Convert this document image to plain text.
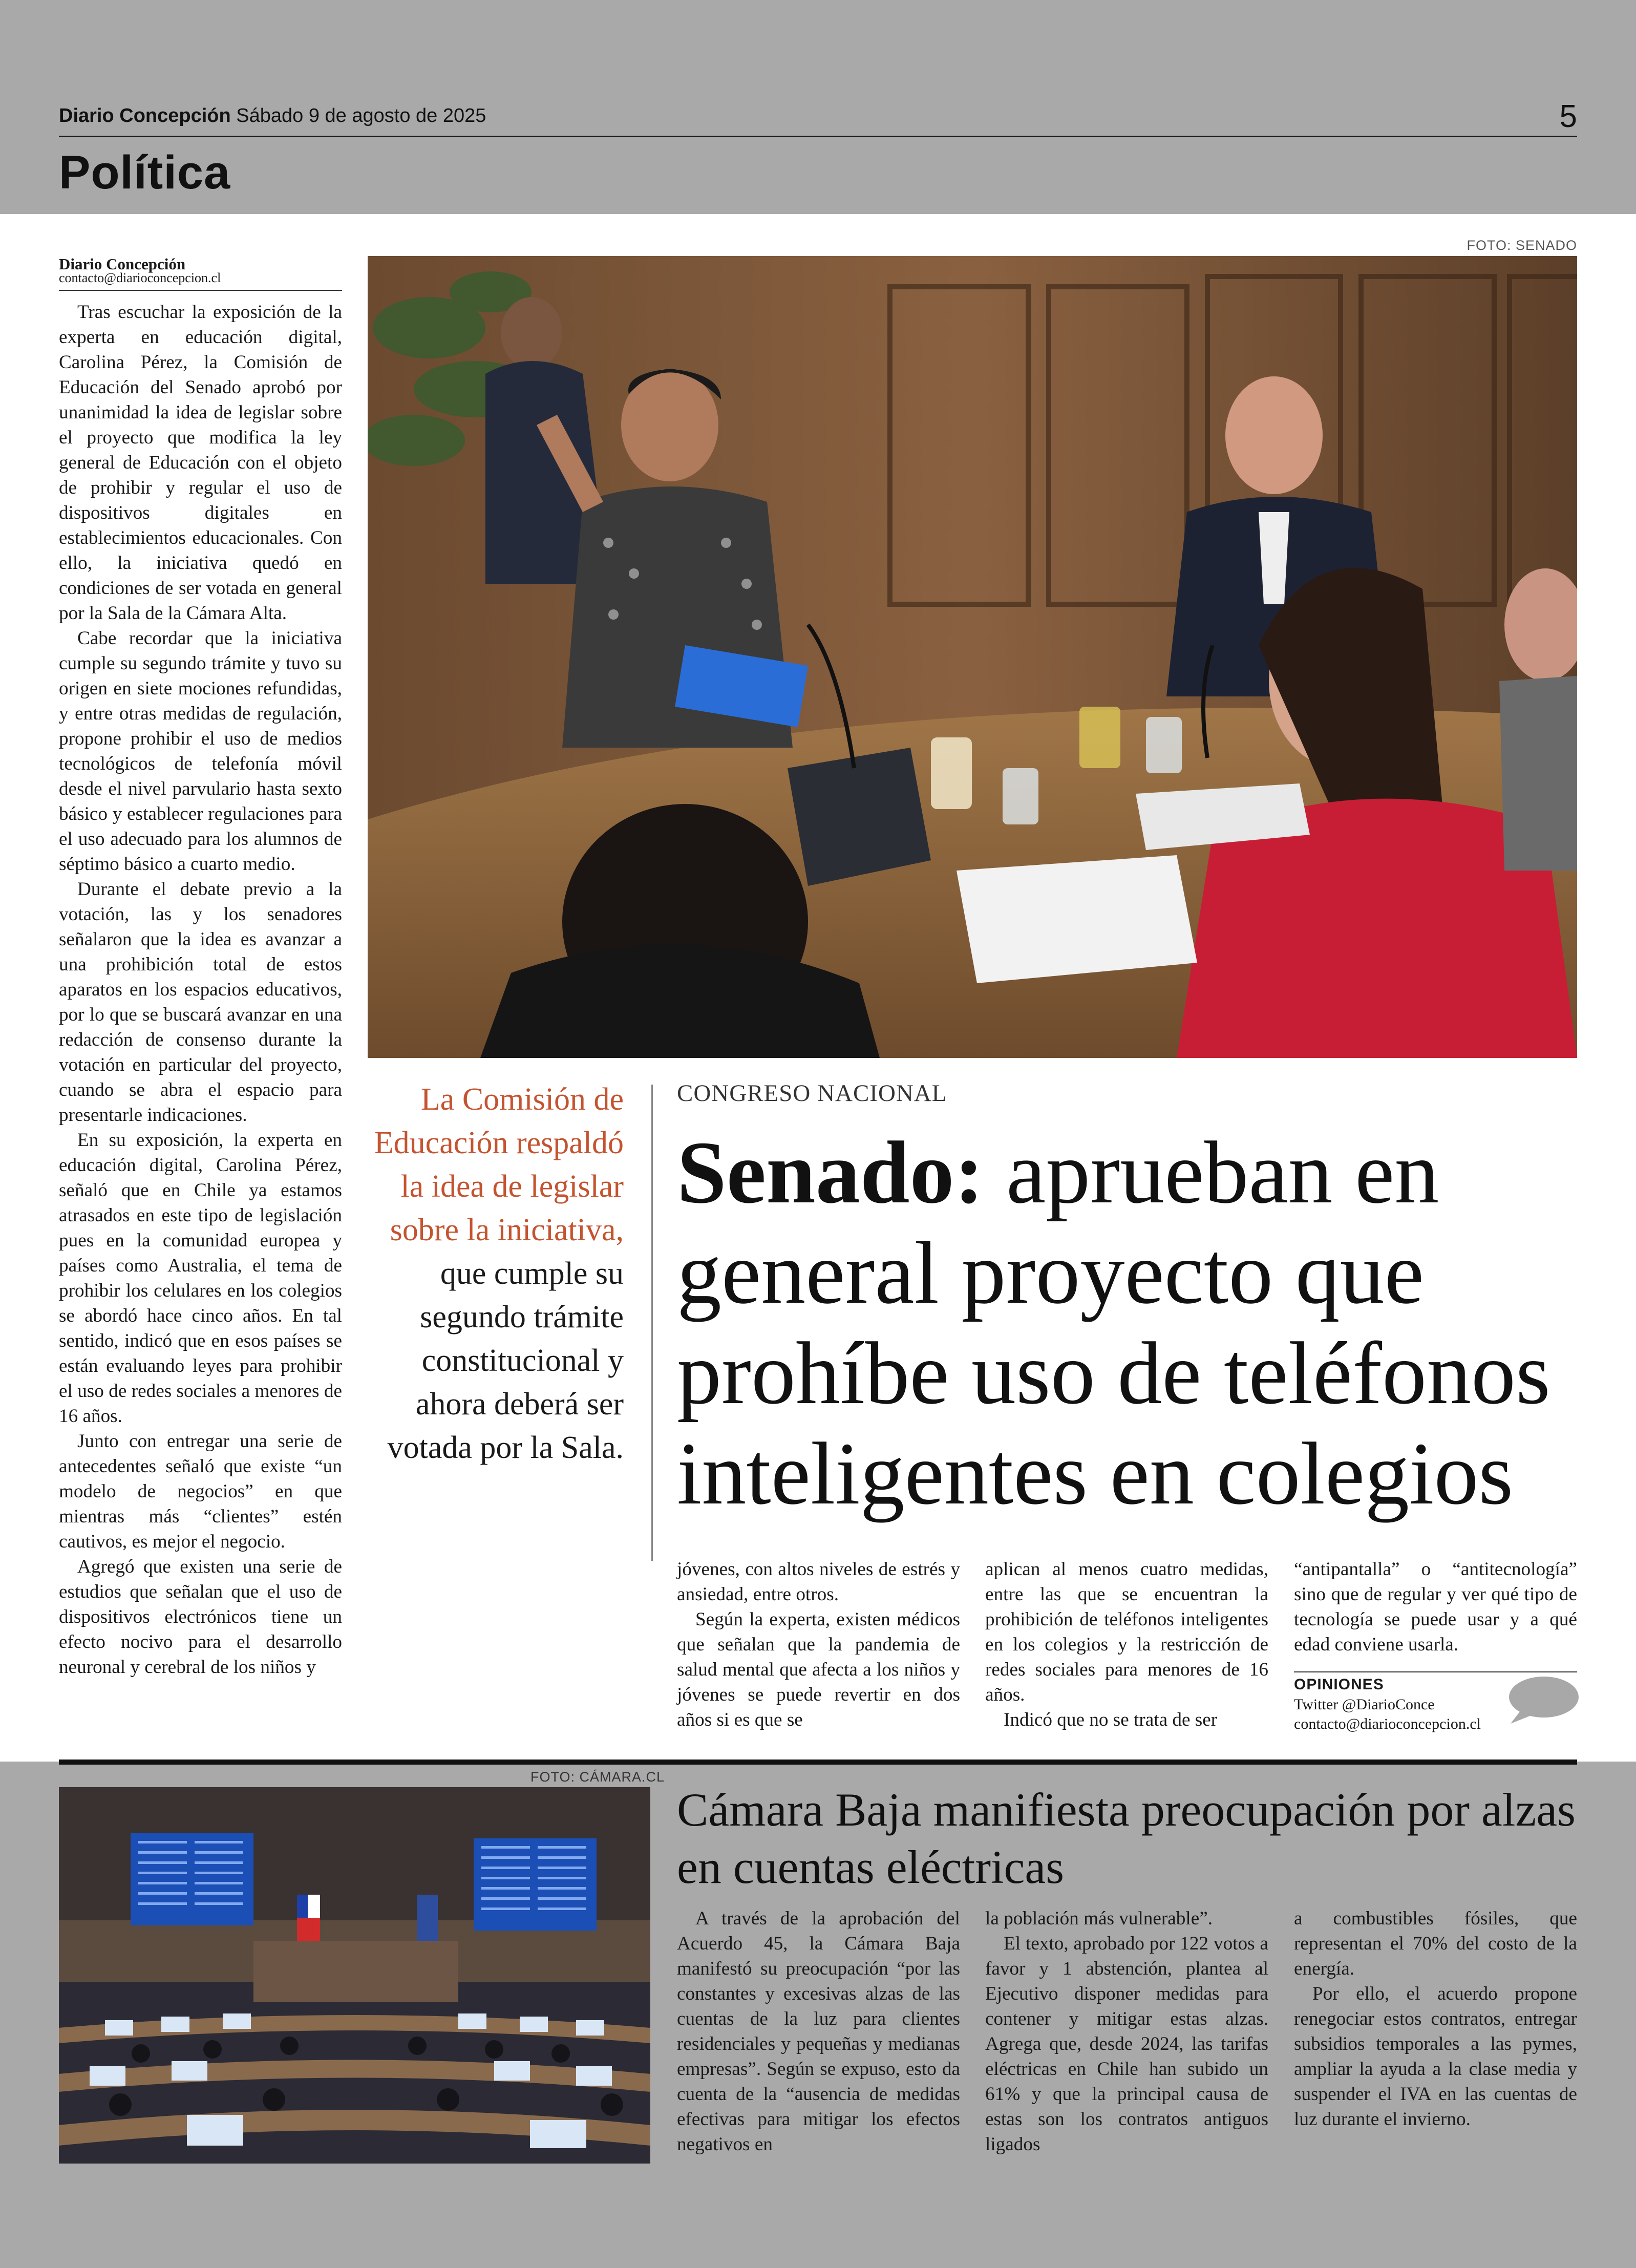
Diario Concepción Sábado 9 de agosto de 2025	5
Política
Diario Concepción
contacto@diarioconcepcion.cl

Tras escuchar la exposición de la experta en educación digital, Carolina Pérez, la Comisión de Educación del Senado aprobó por unanimidad la idea de legislar sobre el proyecto que modifica la ley general de Educación con el objeto de prohibir y regular el uso de dispositivos digitales en establecimientos educacionales. Con ello, la iniciativa quedó en condiciones de ser votada en general por la Sala de la Cámara Alta.

Cabe recordar que la iniciativa cumple su segundo trámite y tuvo su origen en siete mociones refundidas, y entre otras medidas de regulación, propone prohibir el uso de medios tecnológicos de telefonía móvil desde el nivel parvulario hasta sexto básico y establecer regulaciones para el uso adecuado para los alumnos de séptimo básico a cuarto medio.

Durante el debate previo a la votación, las y los senadores señalaron que la idea es avanzar a una prohibición total de estos aparatos en los espacios educativos, por lo que se buscará avanzar en una redacción de consenso durante la votación en particular del proyecto, cuando se abra el espacio para presentarle indicaciones.

En su exposición, la experta en educación digital, Carolina Pérez, señaló que en Chile ya estamos atrasados en este tipo de legislación pues en la comunidad europea y países como Australia, el tema de prohibir los celulares en los colegios se abordó hace cinco años. En tal sentido, indicó que en esos países se están evaluando leyes para prohibir el uso de redes sociales a menores de 16 años.

Junto con entregar una serie de antecedentes señaló que existe “un modelo de negocios” en que mientras más “clientes” estén cautivos, es mejor el negocio.

Agregó que existen una serie de estudios que señalan que el uso de dispositivos electrónicos tiene un efecto nocivo para el desarrollo neuronal y cerebral de los niños y

FOTO: SENADO
La Comisión de Educación respaldó la idea de legislar sobre la iniciativa, que cumple su segundo trámite constitucional y ahora deberá ser votada por la Sala.
CONGRESO NACIONAL
Senado: aprueban en general proyecto que prohíbe uso de teléfonos inteligentes en colegios

jóvenes, con altos niveles de estrés y ansiedad, entre otros.

Según la experta, existen médicos que señalan que la pandemia de salud mental que afecta a los niños y jóvenes se puede revertir en dos años si es que se

aplican al menos cuatro medidas, entre las que se encuentran la prohibición de teléfonos inteligentes en los colegios y la restricción de redes sociales para menores de 16 años.

Indicó que no se trata de ser

“antipantalla” o “antitecnología” sino que de regular y ver qué tipo de tecnología se puede usar y a qué edad conviene usarla.

OPINIONES
Twitter @DiarioConce
contacto@diarioconcepcion.cl
FOTO: CÁMARA.CL
Cámara Baja manifiesta preocupación por alzas en cuentas eléctricas

A través de la aprobación del Acuerdo 45, la Cámara Baja manifestó su preocupación “por las constantes y excesivas alzas de las cuentas de la luz para clientes residenciales y pequeñas y medianas empresas”. Según se expuso, esto da cuenta de la “ausencia de medidas efectivas para mitigar los efectos negativos en

la población más vulnerable”.

El texto, aprobado por 122 votos a favor y 1 abstención, plantea al Ejecutivo disponer medidas para contener y mitigar estas alzas. Agrega que, desde 2024, las tarifas eléctricas en Chile han subido un 61% y que la principal causa de estas son los contratos antiguos ligados

a combustibles fósiles, que representan el 70% del costo de la energía.

Por ello, el acuerdo propone renegociar estos contratos, entregar subsidios temporales a las pymes, ampliar la ayuda a la clase media y suspender el IVA en las cuentas de luz durante el invierno.
